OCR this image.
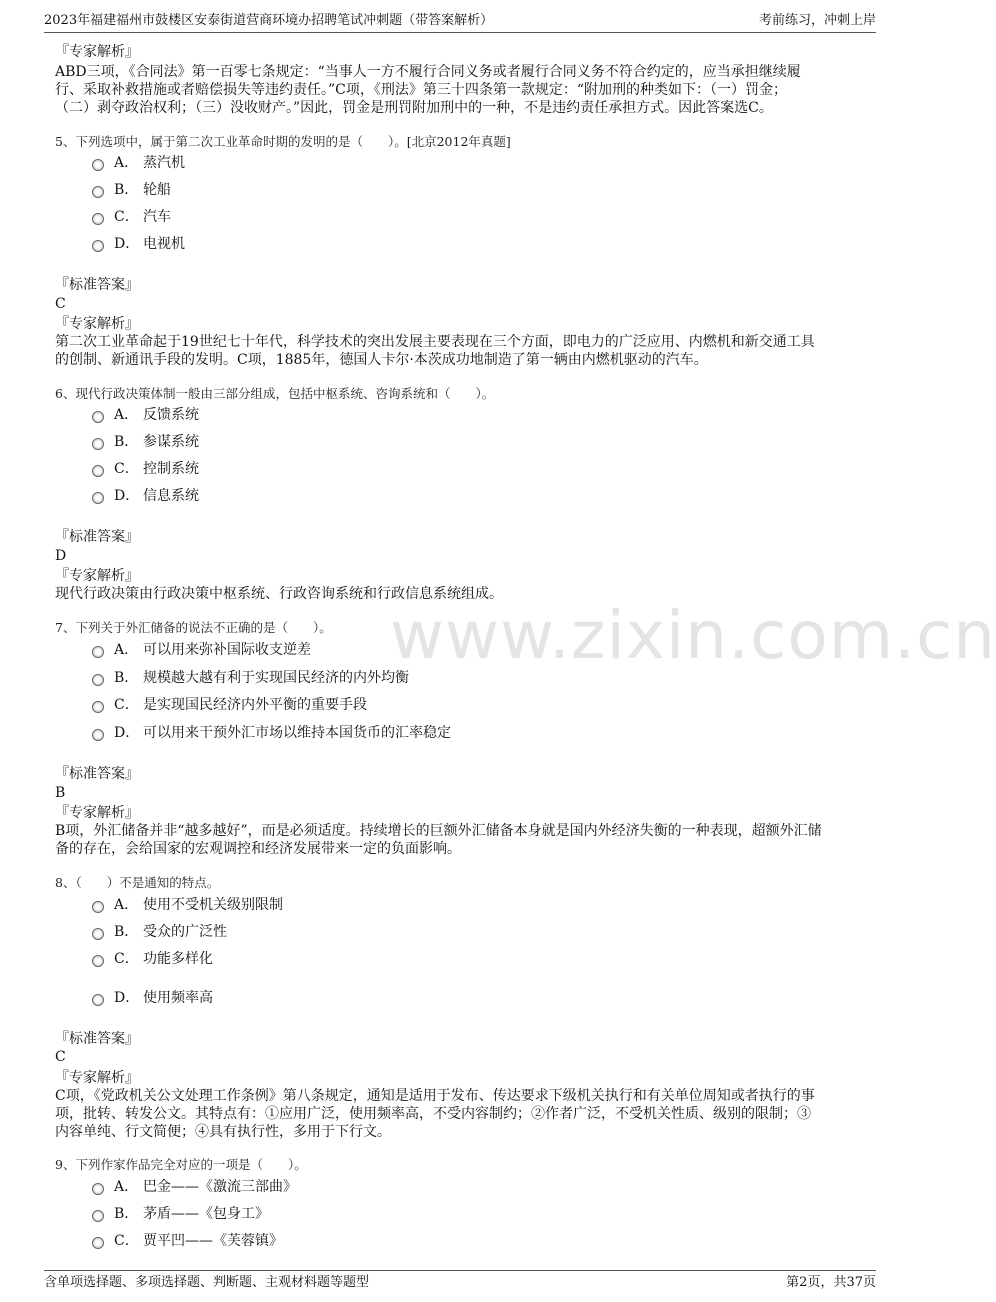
2023年福建福州市鼓楼区安泰街道营商环境办招聘笔试冲刺题（带答案解析）	考前练习，冲刺上岸
www.zixin.com.cn
『专家解析』
ABD三项，《合同法》第一百零七条规定：“当事人一方不履行合同义务或者履行合同义务不符合约定的，应当承担继续履
行、采取补救措施或者赔偿损失等违约责任。”C项，《刑法》第三十四条第一款规定：“附加刑的种类如下：（一）罚金；
（二）剥夺政治权利；（三）没收财产。”因此，罚金是刑罚附加刑中的一种，不是违约责任承担方式。因此答案选C。
5、下列选项中，属于第二次工业革命时期的发明的是（　　）。[北京2012年真题]
A． 蒸汽机
B． 轮船
C． 汽车
D． 电视机
『标准答案』
C
『专家解析』
第二次工业革命起于19世纪七十年代，科学技术的突出发展主要表现在三个方面，即电力的广泛应用、内燃机和新交通工具
的创制、新通讯手段的发明。C项，1885年，德国人卡尔·本茨成功地制造了第一辆由内燃机驱动的汽车。
6、现代行政决策体制一般由三部分组成，包括中枢系统、咨询系统和（　　）。
A． 反馈系统
B． 参谋系统
C． 控制系统
D． 信息系统
『标准答案』
D
『专家解析』
现代行政决策由行政决策中枢系统、行政咨询系统和行政信息系统组成。
7、下列关于外汇储备的说法不正确的是（　　）。
A． 可以用来弥补国际收支逆差
B． 规模越大越有利于实现国民经济的内外均衡
C． 是实现国民经济内外平衡的重要手段
D． 可以用来干预外汇市场以维持本国货币的汇率稳定
『标准答案』
B
『专家解析』
B项，外汇储备并非“越多越好”，而是必须适度。持续增长的巨额外汇储备本身就是国内外经济失衡的一种表现，超额外汇储
备的存在，会给国家的宏观调控和经济发展带来一定的负面影响。
8、（　　）不是通知的特点。
A． 使用不受机关级别限制
B． 受众的广泛性
C． 功能多样化
D． 使用频率高
『标准答案』
C
『专家解析』
C项，《党政机关公文处理工作条例》第八条规定，通知是适用于发布、传达要求下级机关执行和有关单位周知或者执行的事
项，批转、转发公文。其特点有：①应用广泛，使用频率高，不受内容制约；②作者广泛，不受机关性质、级别的限制；③
内容单纯、行文简便；④具有执行性，多用于下行文。
9、下列作家作品完全对应的一项是（　　）。
A． 巴金——《激流三部曲》
B． 茅盾——《包身工》
C． 贾平凹——《芙蓉镇》
含单项选择题、多项选择题、判断题、主观材料题等题型	第2页，共37页
